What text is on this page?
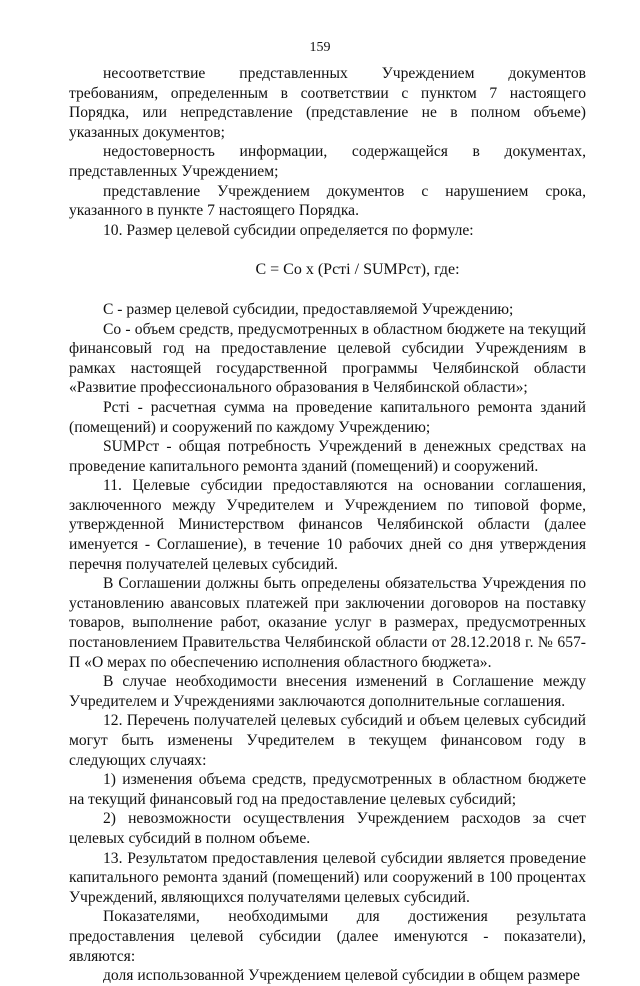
159

несоответствие представленных Учреждением документов требованиям, определенным в соответствии с пунктом 7 настоящего Порядка, или непредставление (представление не в полном объеме) указанных документов;

недостоверность информации, содержащейся в документах, представленных Учреждением;

представление Учреждением документов с нарушением срока, указанного в пункте 7 настоящего Порядка.

10. Размер целевой субсидии определяется по формуле:

C = Co x (Pcтi / SUMPcт), где:

C - размер целевой субсидии, предоставляемой Учреждению;

Co - объем средств, предусмотренных в областном бюджете на текущий финансовый год на предоставление целевой субсидии Учреждениям в рамках настоящей государственной программы Челябинской области «Развитие профессионального образования в Челябинской области»;

Pстi - расчетная сумма на проведение капитального ремонта зданий (помещений) и сооружений по каждому Учреждению;

SUMPст - общая потребность Учреждений в денежных средствах на проведение капитального ремонта зданий (помещений) и сооружений.

11. Целевые субсидии предоставляются на основании соглашения, заключенного между Учредителем и Учреждением по типовой форме, утвержденной Министерством финансов Челябинской области (далее именуется - Соглашение), в течение 10 рабочих дней со дня утверждения перечня получателей целевых субсидий.

В Соглашении должны быть определены обязательства Учреждения по установлению авансовых платежей при заключении договоров на поставку товаров, выполнение работ, оказание услуг в размерах, предусмотренных постановлением Правительства Челябинской области от 28.12.2018 г. № 657-П «О мерах по обеспечению исполнения областного бюджета».

В случае необходимости внесения изменений в Соглашение между Учредителем и Учреждениями заключаются дополнительные соглашения.

12. Перечень получателей целевых субсидий и объем целевых субсидий могут быть изменены Учредителем в текущем финансовом году в следующих случаях:

1) изменения объема средств, предусмотренных в областном бюджете на текущий финансовый год на предоставление целевых субсидий;

2) невозможности осуществления Учреждением расходов за счет целевых субсидий в полном объеме.

13. Результатом предоставления целевой субсидии является проведение капитального ремонта зданий (помещений) или сооружений в 100 процентах Учреждений, являющихся получателями целевых субсидий.

Показателями, необходимыми для достижения результата предоставления целевой субсидии (далее именуются - показатели), являются:

доля использованной Учреждением целевой субсидии в общем размере
